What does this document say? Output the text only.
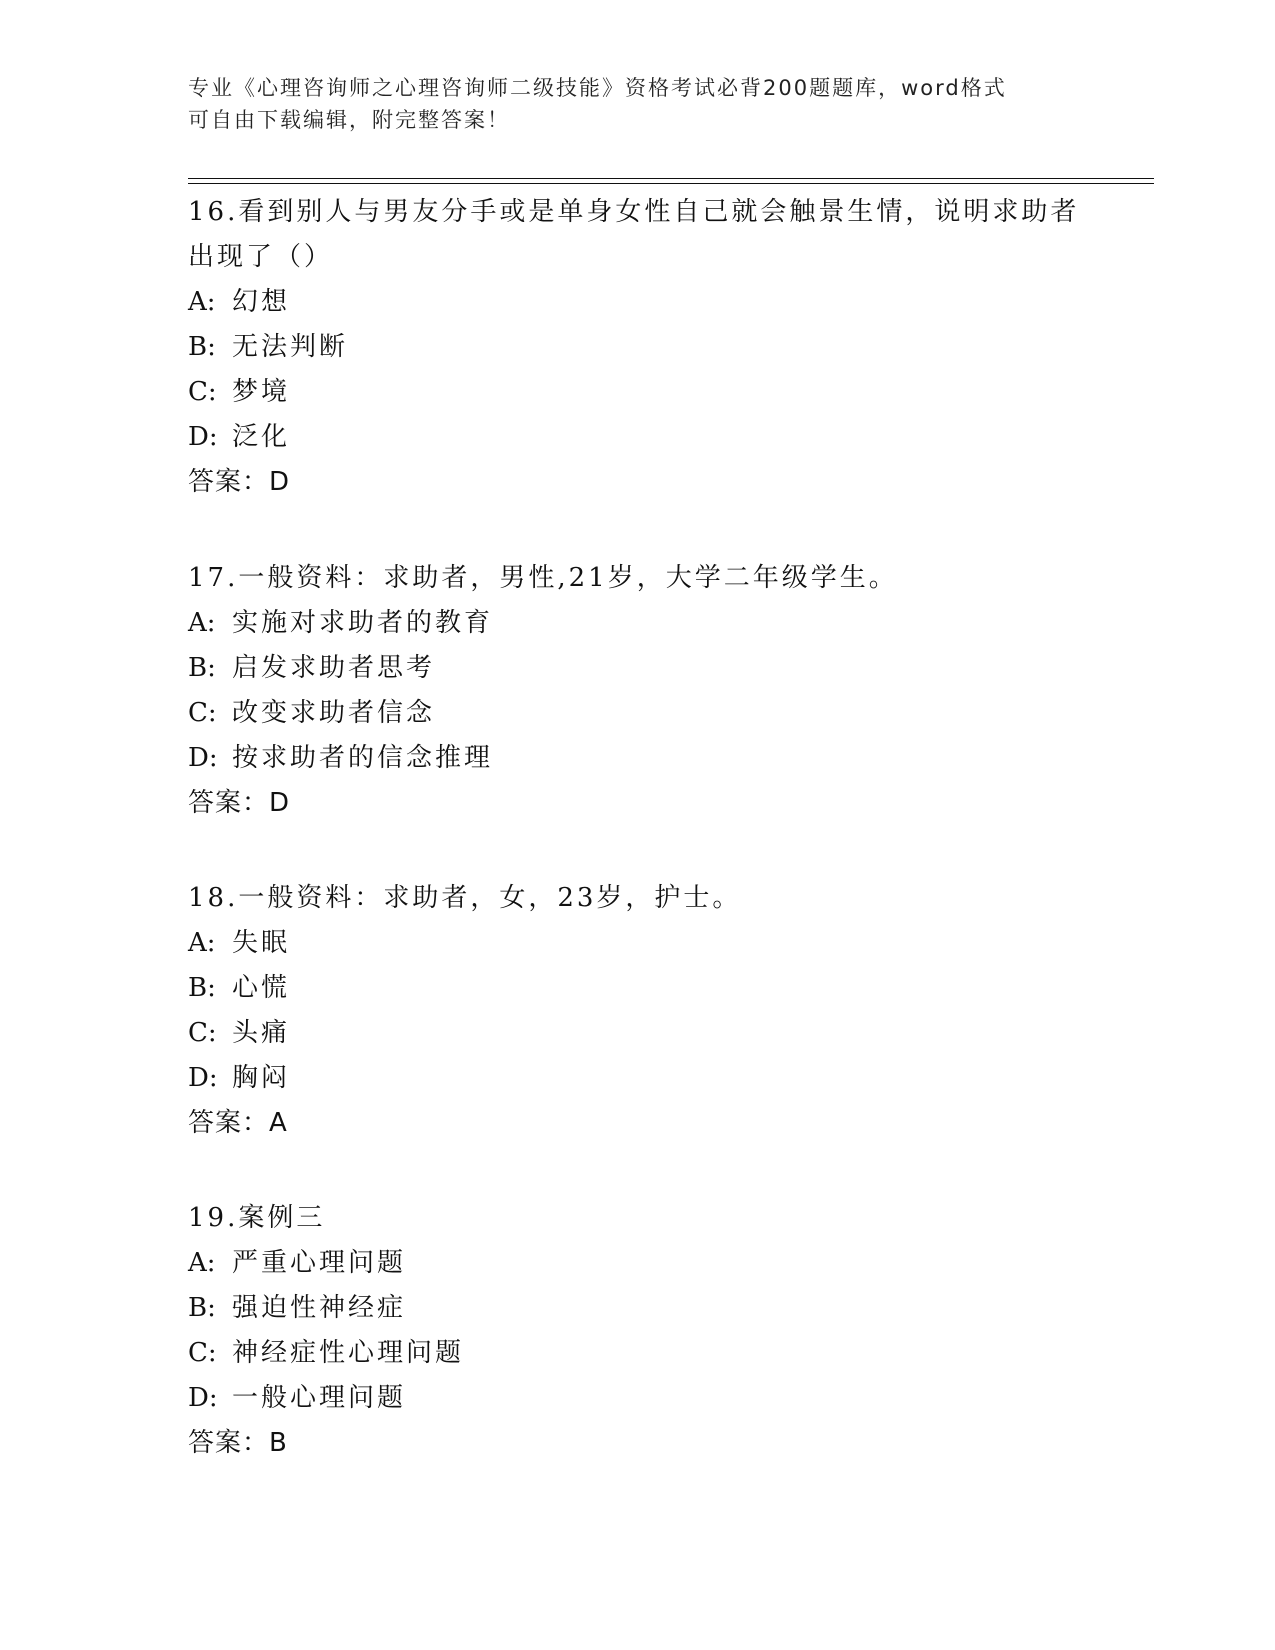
专业《心理咨询师之心理咨询师二级技能》资格考试必背200题题库，word格式
可自由下载编辑，附完整答案！
16.看到别人与男友分手或是单身女性自己就会触景生情，说明求助者
出现了（）
A: 幻想
B: 无法判断
C: 梦境
D: 泛化
答案：D
17.一般资料：求助者，男性,21岁，大学二年级学生。
A: 实施对求助者的教育
B: 启发求助者思考
C: 改变求助者信念
D: 按求助者的信念推理
答案：D
18.一般资料：求助者，女，23岁，护士。
A: 失眠
B: 心慌
C: 头痛
D: 胸闷
答案：A
19.案例三
A: 严重心理问题
B: 强迫性神经症
C: 神经症性心理问题
D: 一般心理问题
答案：B
